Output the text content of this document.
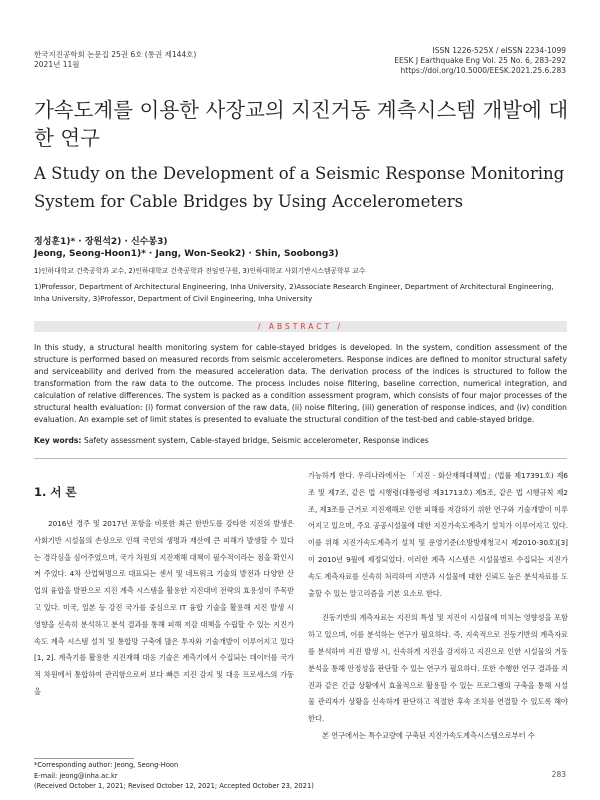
한국지진공학회 논문집 25권 6호 (통권 제144호)
2021년 11월
ISSN 1226-525X / eISSN 2234-1099
EESK J Earthquake Eng Vol. 25 No. 6, 283-292
https://doi.org/10.5000/EESK.2021.25.6.283
가속도계를 이용한 사장교의 지진거동 계측시스템 개발에 대한 연구
A Study on the Development of a Seismic Response Monitoring System for Cable Bridges by Using Accelerometers
정성훈1)* · 장원석2) · 신수봉3)
Jeong, Seong-Hoon1)* · Jang, Won-Seok2) · Shin, Soobong3)
1)인하대학교 건축공학과 교수, 2)인하대학교 건축공학과 전임연구원, 3)인하대학교 사회기반시스템공학부 교수
1)Professor, Department of Architectural Engineering, Inha University, 2)Associate Research Engineer, Department of Architectural Engineering, Inha University, 3)Professor, Department of Civil Engineering, Inha University
/ ABSTRACT /
In this study, a structural health monitoring system for cable-stayed bridges is developed. In the system, condition assessment of the structure is performed based on measured records from seismic accelerometers. Response indices are defined to monitor structural safety and serviceability and derived from the measured acceleration data. The derivation process of the indices is structured to follow the transformation from the raw data to the outcome. The process includes noise filtering, baseline correction, numerical integration, and calculation of relative differences. The system is packed as a condition assessment program, which consists of four major processes of the structural health evaluation: (i) format conversion of the raw data, (ii) noise filtering, (iii) generation of response indices, and (iv) condition evaluation. An example set of limit states is presented to evaluate the structural condition of the test-bed and cable-stayed bridge.
Key words: Safety assessment system, Cable-stayed bridge, Seismic accelerometer, Response indices
1. 서 론

2016년 경주 및 2017년 포항을 비롯한 최근 한반도를 강타한 지진의 발생은 사회기반 시설물의 손상으로 인해 국민의 생명과 재산에 큰 피해가 발생할 수 있다는 경각심을 심어주었으며, 국가 차원의 지진재해 대책이 필수적이라는 점을 확인시켜 주었다. 4차 산업혁명으로 대표되는 센서 및 네트워크 기술의 발전과 다양한 산업의 융합을 발판으로 지진 계측 시스템을 활용한 지진대비 전략의 효용성이 주목받고 있다. 미국, 일본 등 강진 국가를 중심으로 IT 융합 기술을 활용해 지진 발생 시 영향을 신속히 분석하고 분석 결과를 통해 피해 저감 대책을 수립할 수 있는 지진가속도 계측 시스템 설치 및 통합망 구축에 많은 투자와 기술개발이 이루어지고 있다[1, 2]. 계측기를 활용한 지진재해 대응 기술은 계측기에서 수집되는 데이터를 국가적 차원에서 통합하여 관리함으로써 보다 빠른 지진 감지 및 대응 프로세스의 가동을

가능하게 한다. 우리나라에서는 「지진 · 화산재해대책법」(법률 제17391호) 제6조 및 제7조, 같은 법 시행령(대통령령 제31713호) 제5조, 같은 법 시행규칙 제2조, 제3조를 근거로 지진재해로 인한 피해를 저감하기 위한 연구와 기술개발이 이루어지고 있으며, 주요 공공시설물에 대한 지진가속도계측기 설치가 이루어지고 있다. 이를 위해 지진가속도계측기 설치 및 운영기준(소방방재청고시 제2010-30호)[3]이 2010년 9월에 제정되었다. 이러한 계측 시스템은 시설물별로 수집되는 지진가속도 계측자료를 신속히 처리하여 지반과 시설물에 대한 신뢰도 높은 분석자료를 도출할 수 있는 알고리즘을 기본 요소로 한다.

진동기반의 계측자료는 지진의 특성 및 지진이 시설물에 미치는 영향성을 포함하고 있으며, 이를 분석하는 연구가 필요하다. 즉, 지속적으로 진동기반의 계측자료를 분석하여 지진 발생 시, 신속하게 지진을 감지하고 지진으로 인한 시설물의 거동 분석을 통해 안정성을 판단할 수 있는 연구가 필요하다. 또한 수행한 연구 결과를 지진과 같은 긴급 상황에서 효율적으로 활용할 수 있는 프로그램의 구축을 통해 시설물 관리자가 상황을 신속하게 판단하고 적절한 후속 조치를 연결할 수 있도록 해야 한다.

본 연구에서는 특수교량에 구축된 지진가속도계측시스템으로부터 수

*Corresponding author: Jeong, Seong-Hoon
E-mail: jeong@inha.ac.kr
(Received October 1, 2021; Revised October 12, 2021; Accepted October 23, 2021)
283
